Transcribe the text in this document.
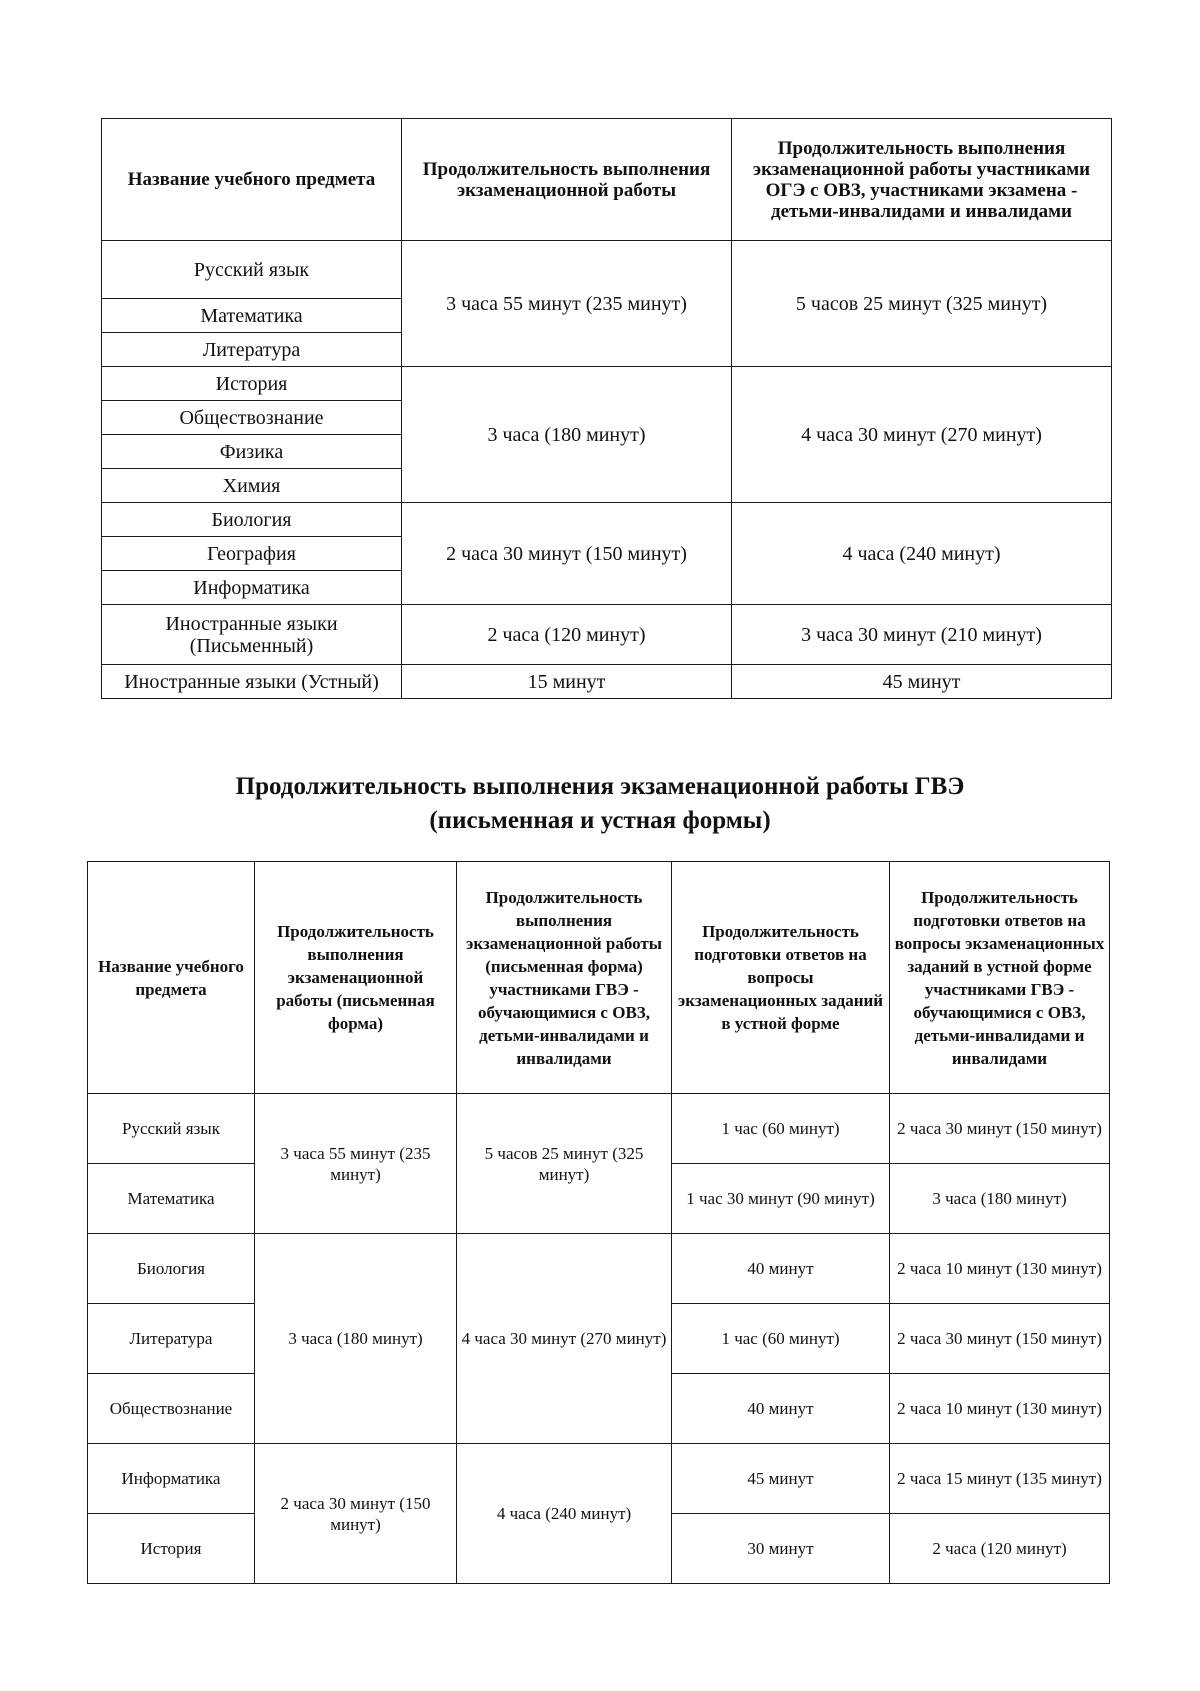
Название учебного предмета	Продолжительность выполнения экзаменационной работы	Продолжительность выполнения экзаменационной работы участниками ОГЭ с ОВЗ, участниками экзамена - детьми-инвалидами и инвалидами
Русский язык	3 часа 55 минут (235 минут)	5 часов 25 минут (325 минут)
Математика		
Литература		
История	3 часа (180 минут)	4 часа 30 минут (270 минут)
Обществознание		
Физика		
Химия		
Биология	2 часа 30 минут (150 минут)	4 часа (240 минут)
География		
Информатика		
Иностранные языки (Письменный)	2 часа (120 минут)	3 часа 30 минут (210 минут)
Иностранные языки (Устный)	15 минут	45 минут
Продолжительность выполнения экзаменационной работы ГВЭ
(письменная и устная формы)
Название учебного предмета	Продолжительность выполнения экзаменационной работы (письменная форма)	Продолжительность выполнения экзаменационной работы (письменная форма) участниками ГВЭ - обучающимися с ОВЗ, детьми-инвалидами и инвалидами	Продолжительность подготовки ответов на вопросы экзаменационных заданий в устной форме	Продолжительность подготовки ответов на вопросы экзаменационных заданий в устной форме участниками ГВЭ - обучающимися с ОВЗ, детьми-инвалидами и инвалидами
Русский язык	3 часа 55 минут (235 минут)	5 часов 25 минут (325 минут)	1 час (60 минут)	2 часа 30 минут (150 минут)
Математика			1 час 30 минут (90 минут)	3 часа (180 минут)
Биология	3 часа (180 минут)	4 часа 30 минут (270 минут)	40 минут	2 часа 10 минут (130 минут)
Литература			1 час (60 минут)	2 часа 30 минут (150 минут)
Обществознание			40 минут	2 часа 10 минут (130 минут)
Информатика	2 часа 30 минут (150 минут)	4 часа (240 минут)	45 минут	2 часа 15 минут (135 минут)
История			30 минут	2 часа (120 минут)
